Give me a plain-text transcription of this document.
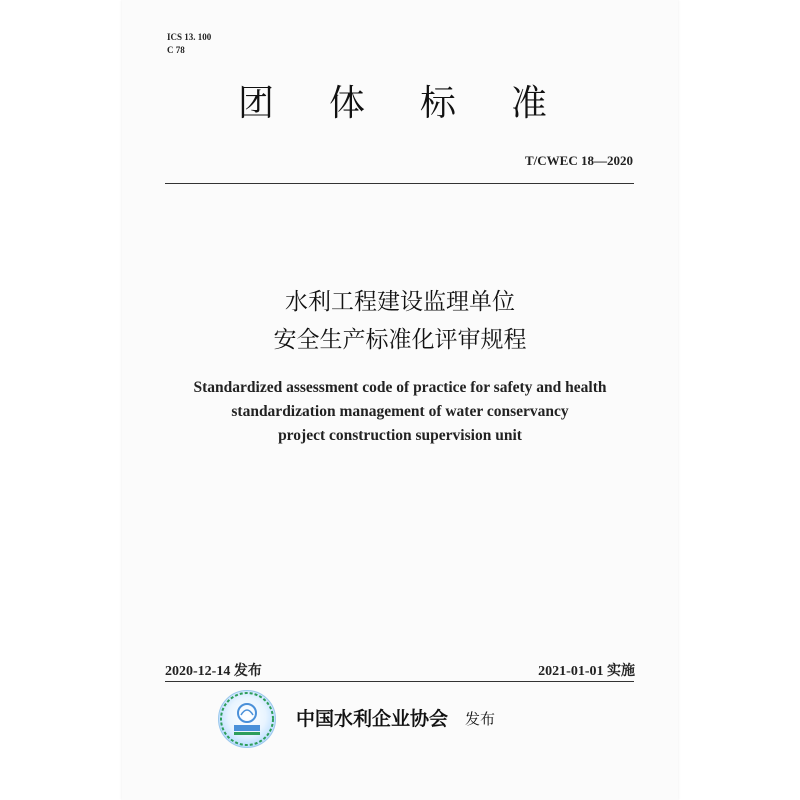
ICS 13. 100
C 78
团体标准
T/CWEC 18—2020
水利工程建设监理单位
安全生产标准化评审规程
Standardized assessment code of practice for safety and health
standardization management of water conservancy
project construction supervision unit
2020-12-14 发布	2021-01-01 实施
中国水利企业协会 发布
